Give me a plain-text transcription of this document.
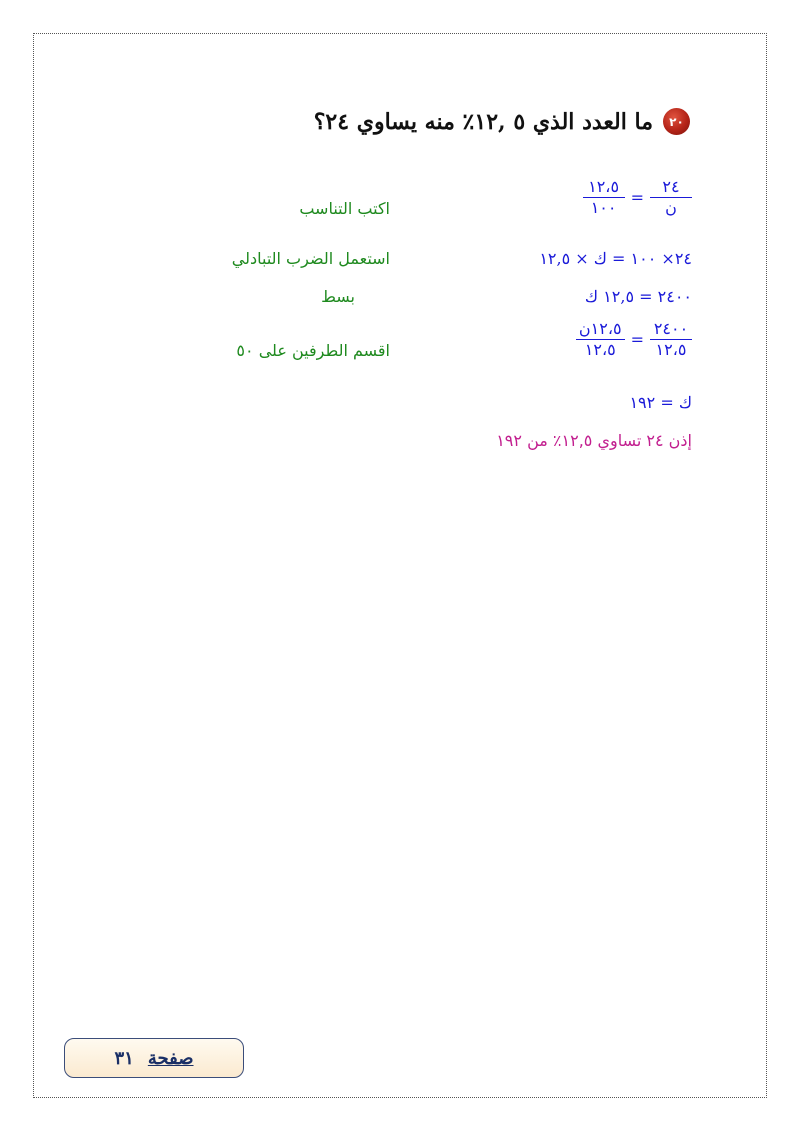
٢٠
ما العدد الذي ٥ ,١٢٪ منه يساوي ٢٤؟
$\frac{٢٤}{\text{ن}}$
=
$\frac{١٢،٥}{١٠٠}$
اكتب التناسب
٢٤× ١٠٠ = ك × ١٢,٥
استعمل الضرب التبادلي
٢٤٠٠ = ١٢,٥ ك
بسط
$\frac{٢٤٠٠}{١٢،٥}$
=
$\frac{\text{١٢،٥ن}}{١٢،٥}$
اقسم الطرفين على ٥٠
ك = ١٩٢
إذن ٢٤ تساوي ١٢,٥٪ من ١٩٢
صفحة
٣١
